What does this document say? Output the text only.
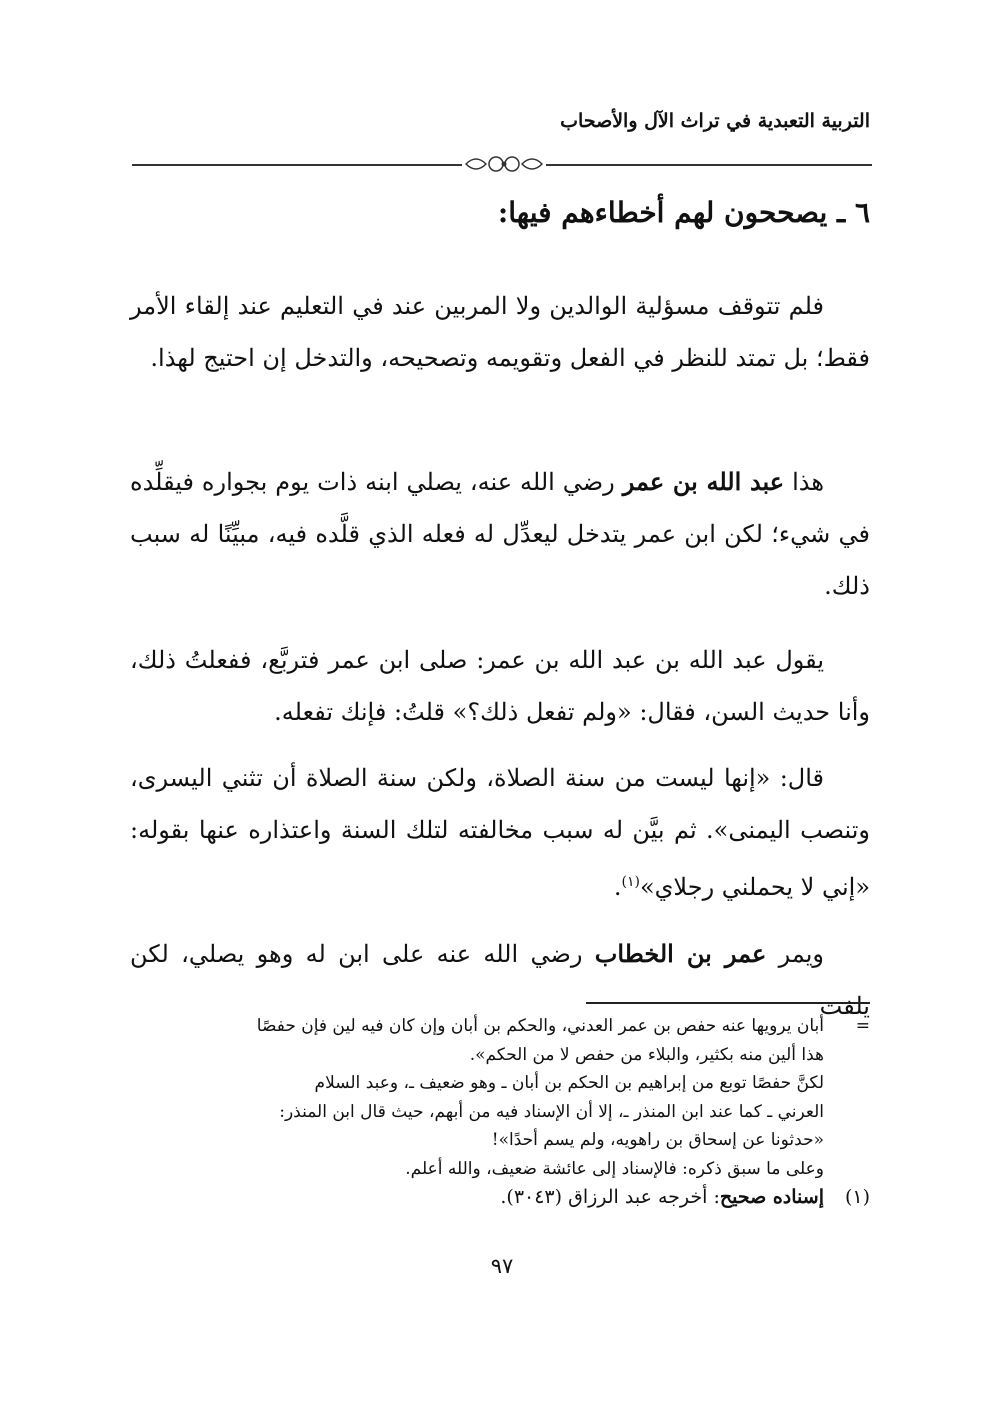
التربية التعبدية في تراث الآل والأصحاب
٦ ـ يصححون لهم أخطاءهم فيها:

فلم تتوقف مسؤلية الوالدين ولا المربين عند في التعليم عند إلقاء الأمر فقط؛ بل تمتد للنظر في الفعل وتقويمه وتصحيحه، والتدخل إن احتيج لهذا.

هذا عبد الله بن عمر رضي الله عنه، يصلي ابنه ذات يوم بجواره فيقلِّده في شيء؛ لكن ابن عمر يتدخل ليعدِّل له فعله الذي قلَّده فيه، مبيِّنًا له سبب ذلك.

يقول عبد الله بن عبد الله بن عمر: صلى ابن عمر فتربَّع، ففعلتُ ذلك، وأنا حديث السن، فقال: «ولم تفعل ذلك؟» قلتُ: فإنك تفعله.

قال: «إنها ليست من سنة الصلاة، ولكن سنة الصلاة أن تثني اليسرى، وتنصب اليمنى». ثم بيَّن له سبب مخالفته لتلك السنة واعتذاره عنها بقوله: «إني لا يحملني رجلاي»$^{(١)}$.

ويمر عمر بن الخطاب رضي الله عنه على ابن له وهو يصلي، لكن يلفت

=أبان يرويها عنه حفص بن عمر العدني، والحكم بن أبان وإن كان فيه لين فإن حفصًا

هذا ألين منه بكثير، والبلاء من حفص لا من الحكم».

لكنَّ حفصًا توبع من إبراهيم بن الحكم بن أبان ـ وهو ضعيف ـ، وعبد السلام

العرني ـ كما عند ابن المنذر ـ، إلا أن الإسناد فيه من أبهم، حيث قال ابن المنذر:

«حدثونا عن إسحاق بن راهويه، ولم يسم أحدًا»!

وعلى ما سبق ذكره: فالإسناد إلى عائشة ضعيف، والله أعلم.

(١)إسناده صحيح: أخرجه عبد الرزاق (٣٠٤٣).

٩٧
